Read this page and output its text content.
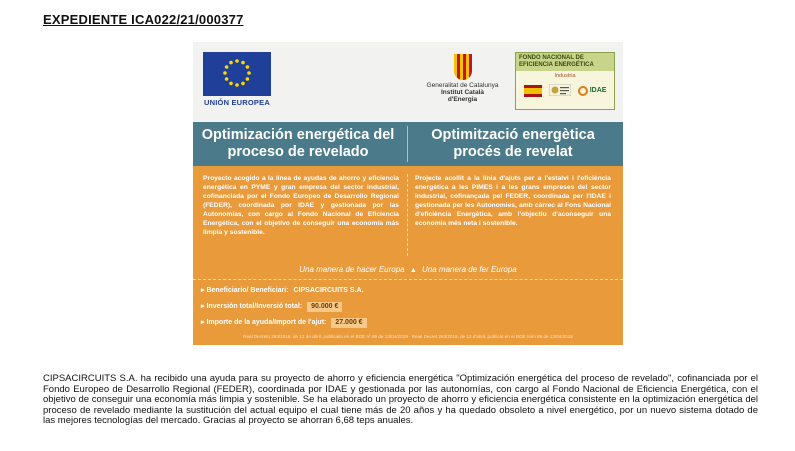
EXPEDIENTE ICA022/21/000377
UNIÓN EUROPEA
Generalitat de Catalunya
Institut Català
d'Energia
FONDO NACIONAL DE EFICIENCIA ENERGÉTICA
Industria
IDAE
Optimización energética del proceso de revelado
Optimització energètica procés de revelat
Proyecto acogido a la línea de ayudas de ahorro y eficiencia energética en PYME y gran empresa del sector industrial, cofinanciada por el Fondo Europeo de Desarrollo Regional (FEDER), coordinada por IDAE y gestionada por las Autonomías, con cargo al Fondo Nacional de Eficiencia Energética, con el objetivo de conseguir una economía más limpia y sostenible.
Projecte acollit a la línia d'ajuts per a l'estalvi i l'eficiència energètica a les PIMES i a les grans empreses del sector industrial, cofinançada pel FEDER, coordinada per l'IDAE i gestionada per les Autonomies, amb càrrec al Fons Nacional d'eficiència Energètica, amb l'objectiu d'aconseguir una economia més neta i sostenible.
Una manera de hacer Europa ▲ Una manera de fer Europa
▸ Beneficiario/ Beneficiari: CIPSACIRCUITS S.A.
▸ Inversión total/Inversió total: 90.000 €
▸ Importe de la ayuda/Import de l'ajut: 27.000 €
Real Decreto 263/2019, de 12 de abril, publicado en el BOE nº 89 de 13/04/2019 · Reial Decret 263/2019, de 12 d'abril, publicat en el BOE núm 89 de 13/04/2019
CIPSACIRCUITS S.A. ha recibido una ayuda para su proyecto de ahorro y eficiencia energética "Optimización energética del proceso de revelado", cofinanciada por el Fondo Europeo de Desarrollo Regional (FEDER), coordinada por IDAE y gestionada por las autonomías, con cargo al Fondo Nacional de Eficiencia Energética, con el objetivo de conseguir una economía más limpia y sostenible. Se ha elaborado un proyecto de ahorro y eficiencia energética consistente en la optimización energética del proceso de revelado mediante la sustitución del actual equipo el cual tiene más de 20 años y ha quedado obsoleto a nivel energético, por un nuevo sistema dotado de las mejores tecnologías del mercado. Gracias al proyecto se ahorran 6,68 teps anuales.
